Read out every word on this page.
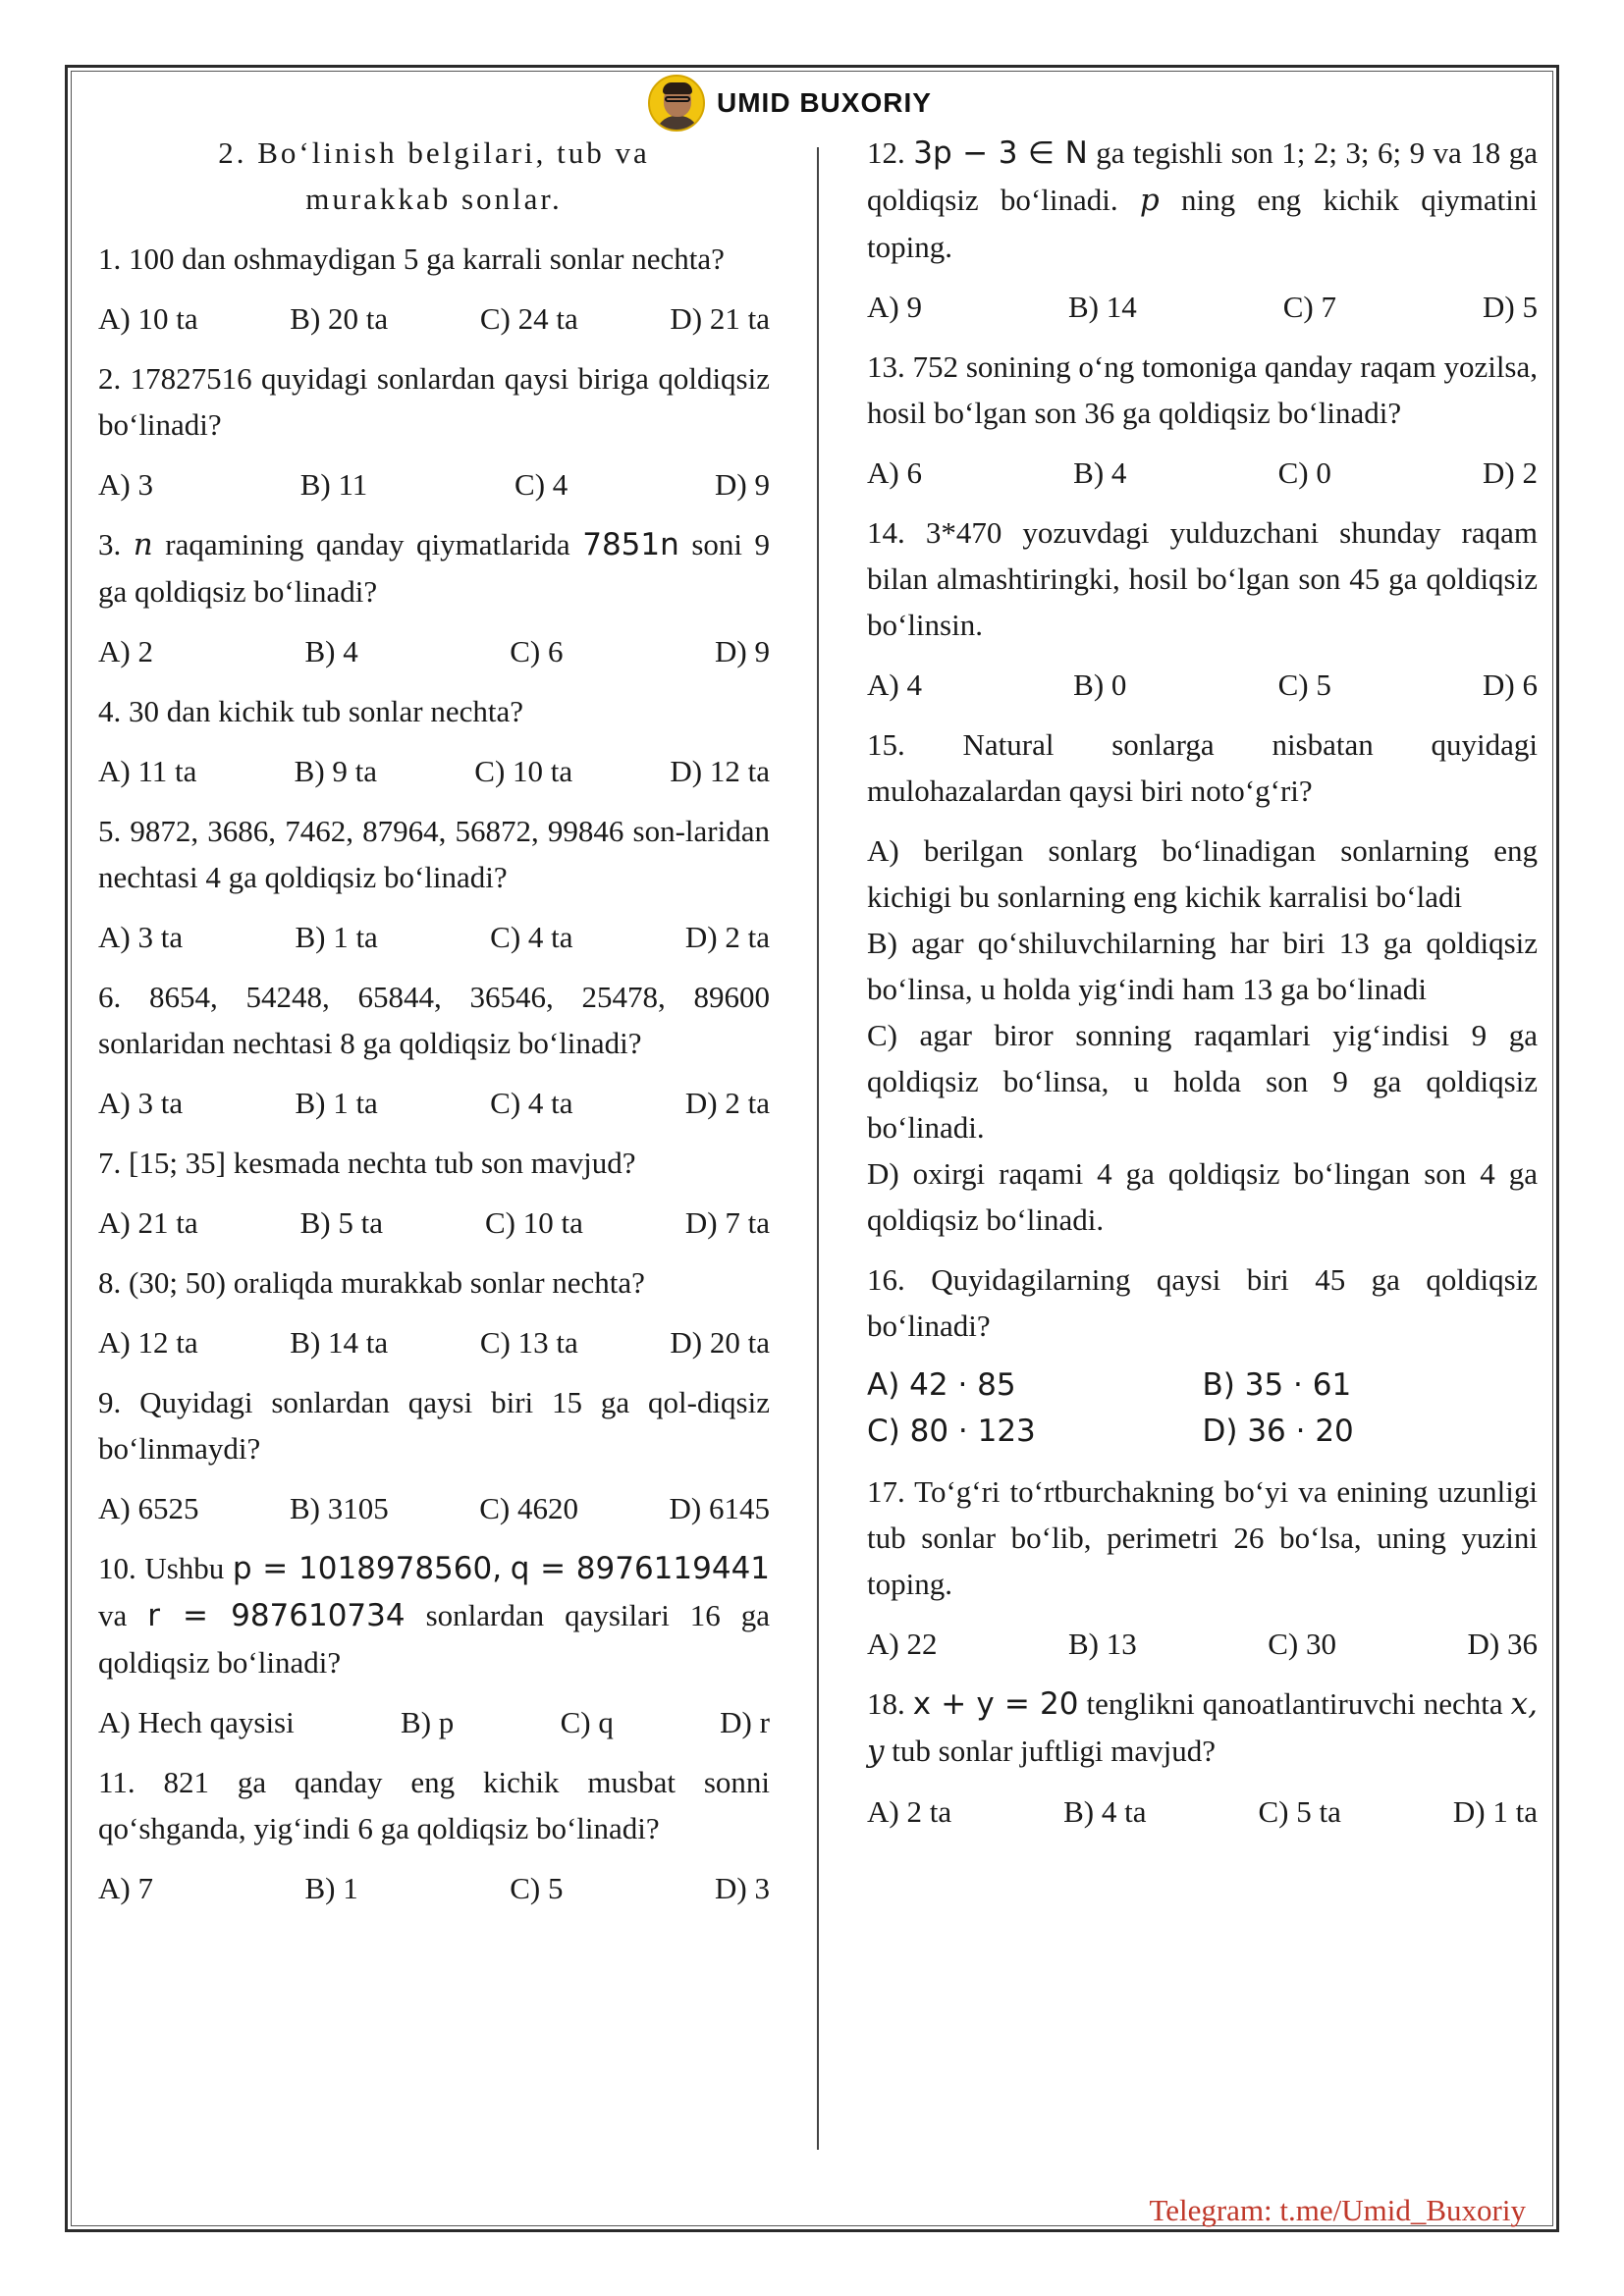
UMID BUXORIY
2. Bo‘linish belgilari, tub va
murakkab sonlar.

1. 100 dan oshmaydigan 5 ga karrali sonlar nechta?

A) 10 ta	B) 20 ta	C) 24 ta	D) 21 ta

2. 17827516 quyidagi sonlardan qaysi biriga qoldiqsiz bo‘linadi?

A) 3	B) 11	C) 4	D) 9

3. n raqamining qanday qiymatlarida 7851n soni 9 ga qoldiqsiz bo‘linadi?

A) 2	B) 4	C) 6	D) 9

4. 30 dan kichik tub sonlar nechta?

A) 11 ta	B) 9 ta	C) 10 ta	D) 12 ta

5. 9872, 3686, 7462, 87964, 56872, 99846 son-laridan nechtasi 4 ga qoldiqsiz bo‘linadi?

A) 3 ta	B) 1 ta	C) 4 ta	D) 2 ta

6. 8654, 54248, 65844, 36546, 25478, 89600 sonlaridan nechtasi 8 ga qoldiqsiz bo‘linadi?

A) 3 ta	B) 1 ta	C) 4 ta	D) 2 ta

7. [15; 35] kesmada nechta tub son mavjud?

A) 21 ta	B) 5 ta	C) 10 ta	D) 7 ta

8. (30; 50) oraliqda murakkab sonlar nechta?

A) 12 ta	B) 14 ta	C) 13 ta	D) 20 ta

9. Quyidagi sonlardan qaysi biri 15 ga qol-diqsiz bo‘linmaydi?

A) 6525	B) 3105	C) 4620	D) 6145

10. Ushbu p = 1018978560, q = 8976119441 va r = 987610734 sonlardan qaysilari 16 ga qoldiqsiz bo‘linadi?

A) Hech qaysisi	B) p	C) q	D) r

11. 821 ga qanday eng kichik musbat sonni qo‘shganda, yig‘indi 6 ga qoldiqsiz bo‘linadi?

A) 7	B) 1	C) 5	D) 3

12. 3p − 3 ∈ N ga tegishli son 1; 2; 3; 6; 9 va 18 ga qoldiqsiz bo‘linadi. p ning eng kichik qiymatini toping.

A) 9	B) 14	C) 7	D) 5

13. 752 sonining o‘ng tomoniga qanday raqam yozilsa, hosil bo‘lgan son 36 ga qoldiqsiz bo‘linadi?

A) 6	B) 4	C) 0	D) 2

14. 3*470 yozuvdagi yulduzchani shunday raqam bilan almashtiringki, hosil bo‘lgan son 45 ga qoldiqsiz bo‘linsin.

A) 4	B) 0	C) 5	D) 6

15. Natural sonlarga nisbatan quyidagi mulohazalardan qaysi biri noto‘g‘ri?

A) berilgan sonlarg bo‘linadigan sonlarning eng kichigi bu sonlarning eng kichik karralisi bo‘ladi

B) agar qo‘shiluvchilarning har biri 13 ga qoldiqsiz bo‘linsa, u holda yig‘indi ham 13 ga bo‘linadi

C) agar biror sonning raqamlari yig‘indisi 9 ga qoldiqsiz bo‘linsa, u holda son 9 ga qoldiqsiz bo‘linadi.

D) oxirgi raqami 4 ga qoldiqsiz bo‘lingan son 4 ga qoldiqsiz bo‘linadi.

16. Quyidagilarning qaysi biri 45 ga qoldiqsiz bo‘linadi?

A) 42 · 85	B) 35 · 61
C) 80 · 123	D) 36 · 20

17. To‘g‘ri to‘rtburchakning bo‘yi va enining uzunligi tub sonlar bo‘lib, perimetri 26 bo‘lsa, uning yuzini toping.

A) 22	B) 13	C) 30	D) 36

18. x + y = 20 tenglikni qanoatlantiruvchi nechta x, y tub sonlar juftligi mavjud?

A) 2 ta	B) 4 ta	C) 5 ta	D) 1 ta
Telegram: t.me/Umid_Buxoriy
